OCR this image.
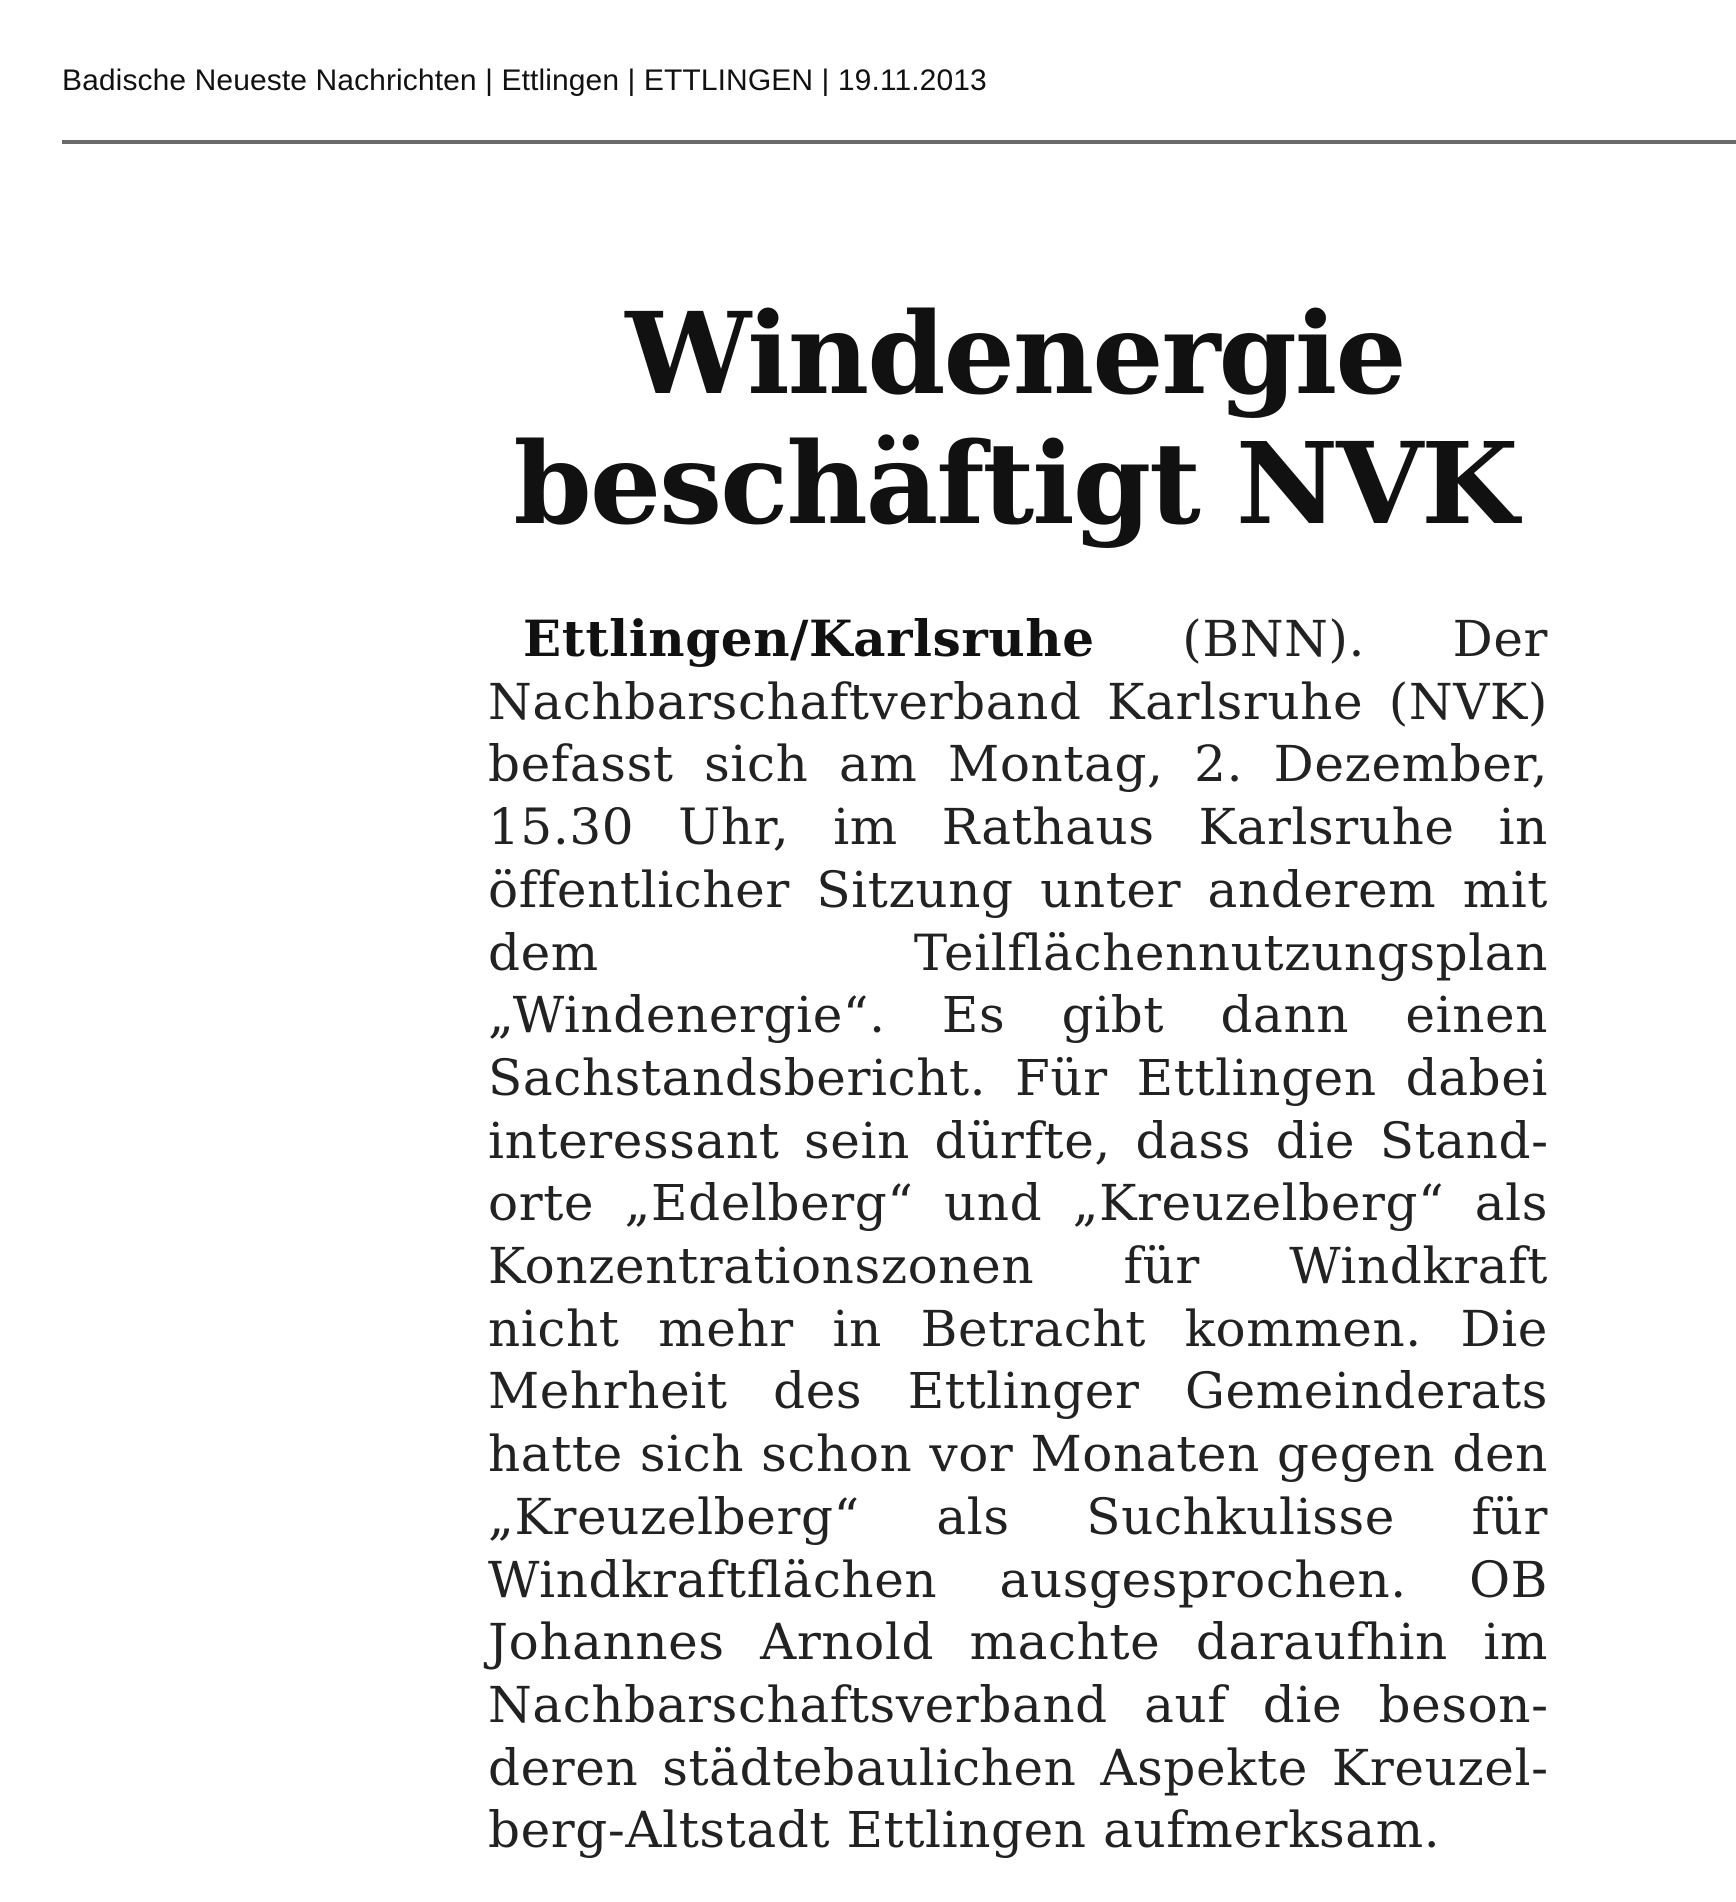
Badische Neueste Nachrichten | Ettlingen | ETTLINGEN | 19.11.2013
Windenergie
beschäftigt NVK

Ettlingen/Karlsruhe (BNN). Der Nachbarschaftverband Karlsruhe (NVK) befasst sich am Montag, 2. Dezember, 15.30 Uhr, im Rathaus Karlsruhe in öffentlicher Sitzung unter anderem mit dem Teilflächennutzungsplan „Windenergie“. Es gibt dann einen Sachstandsbericht. Für Ettlingen dabei interessant sein dürfte, dass die Standorte „Edelberg“ und „Kreuzelberg“ als Konzentrationszonen für Windkraft nicht mehr in Betracht kommen. Die Mehrheit des Ettlinger Gemeinderats hatte sich schon vor Monaten gegen den „Kreuzelberg“ als Suchkulisse für Windkraftflächen ausgesprochen. OB Johannes Arnold machte daraufhin im Nachbarschaftsverband auf die besonderen städtebaulichen Aspekte Kreuzelberg-Altstadt Ettlingen aufmerksam.
